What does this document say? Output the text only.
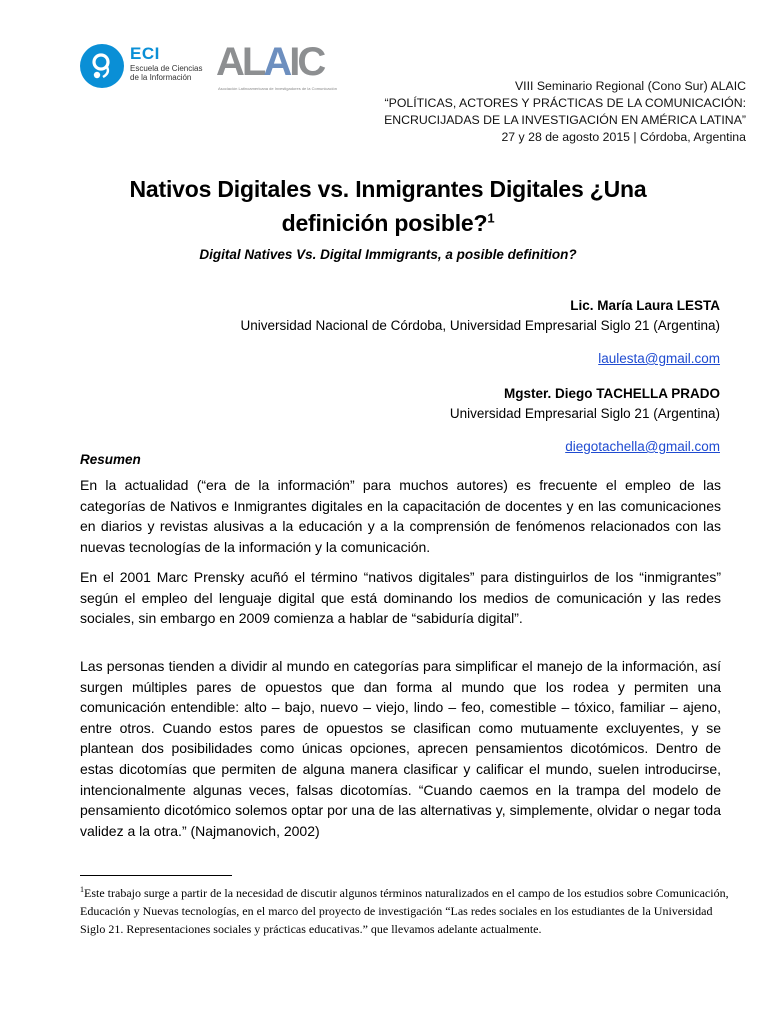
ECI
Escuela de Ciencias
de la Información ALAIC
Asociación Latinoamericana de Investigadores de la Comunicación	VIII Seminario Regional (Cono Sur) ALAIC
“POLÍTICAS, ACTORES Y PRÁCTICAS DE LA COMUNICACIÓN:
ENCRUCIJADAS DE LA INVESTIGACIÓN EN AMÉRICA LATINA”
27 y 28 de agosto 2015 | Córdoba, Argentina
Nativos Digitales vs. Inmigrantes Digitales ¿Una
definición posible?$^1$
Digital Natives Vs. Digital Immigrants, a posible definition?
Lic. María Laura LESTA
Universidad Nacional de Córdoba, Universidad Empresarial Siglo 21 (Argentina)
laulesta@gmail.com
Mgster. Diego TACHELLA PRADO
Universidad Empresarial Siglo 21 (Argentina)
diegotachella@gmail.com
Resumen

En la actualidad (“era de la información” para muchos autores) es frecuente el empleo de las categorías de Nativos e Inmigrantes digitales en la capacitación de docentes y en las comunicaciones en diarios y revistas alusivas a la educación y a la comprensión de fenómenos relacionados con las nuevas tecnologías de la información y la comunicación.

En el 2001 Marc Prensky acuñó el término “nativos digitales” para distinguirlos de los “inmigrantes” según el empleo del lenguaje digital que está dominando los medios de comunicación y las redes sociales, sin embargo en 2009 comienza a hablar de “sabiduría digital”.

Las personas tienden a dividir al mundo en categorías para simplificar el manejo de la información, así surgen múltiples pares de opuestos que dan forma al mundo que los rodea y permiten una comunicación entendible: alto – bajo, nuevo – viejo, lindo – feo, comestible – tóxico, familiar – ajeno, entre otros. Cuando estos pares de opuestos se clasifican como mutuamente excluyentes, y se plantean dos posibilidades como únicas opciones, aprecen pensamientos dicotómicos. Dentro de estas dicotomías que permiten de alguna manera clasificar y calificar el mundo, suelen introducirse, intencionalmente algunas veces, falsas dicotomías. “Cuando caemos en la trampa del modelo de pensamiento dicotómico solemos optar por una de las alternativas y, simplemente, olvidar o negar toda validez a la otra.” (Najmanovich, 2002)

$^1$Este trabajo surge a partir de la necesidad de discutir algunos términos naturalizados en el campo de los estudios sobre Comunicación, Educación y Nuevas tecnologías, en el marco del proyecto de investigación “Las redes sociales en los estudiantes de la Universidad Siglo 21. Representaciones sociales y prácticas educativas.” que llevamos adelante actualmente.
